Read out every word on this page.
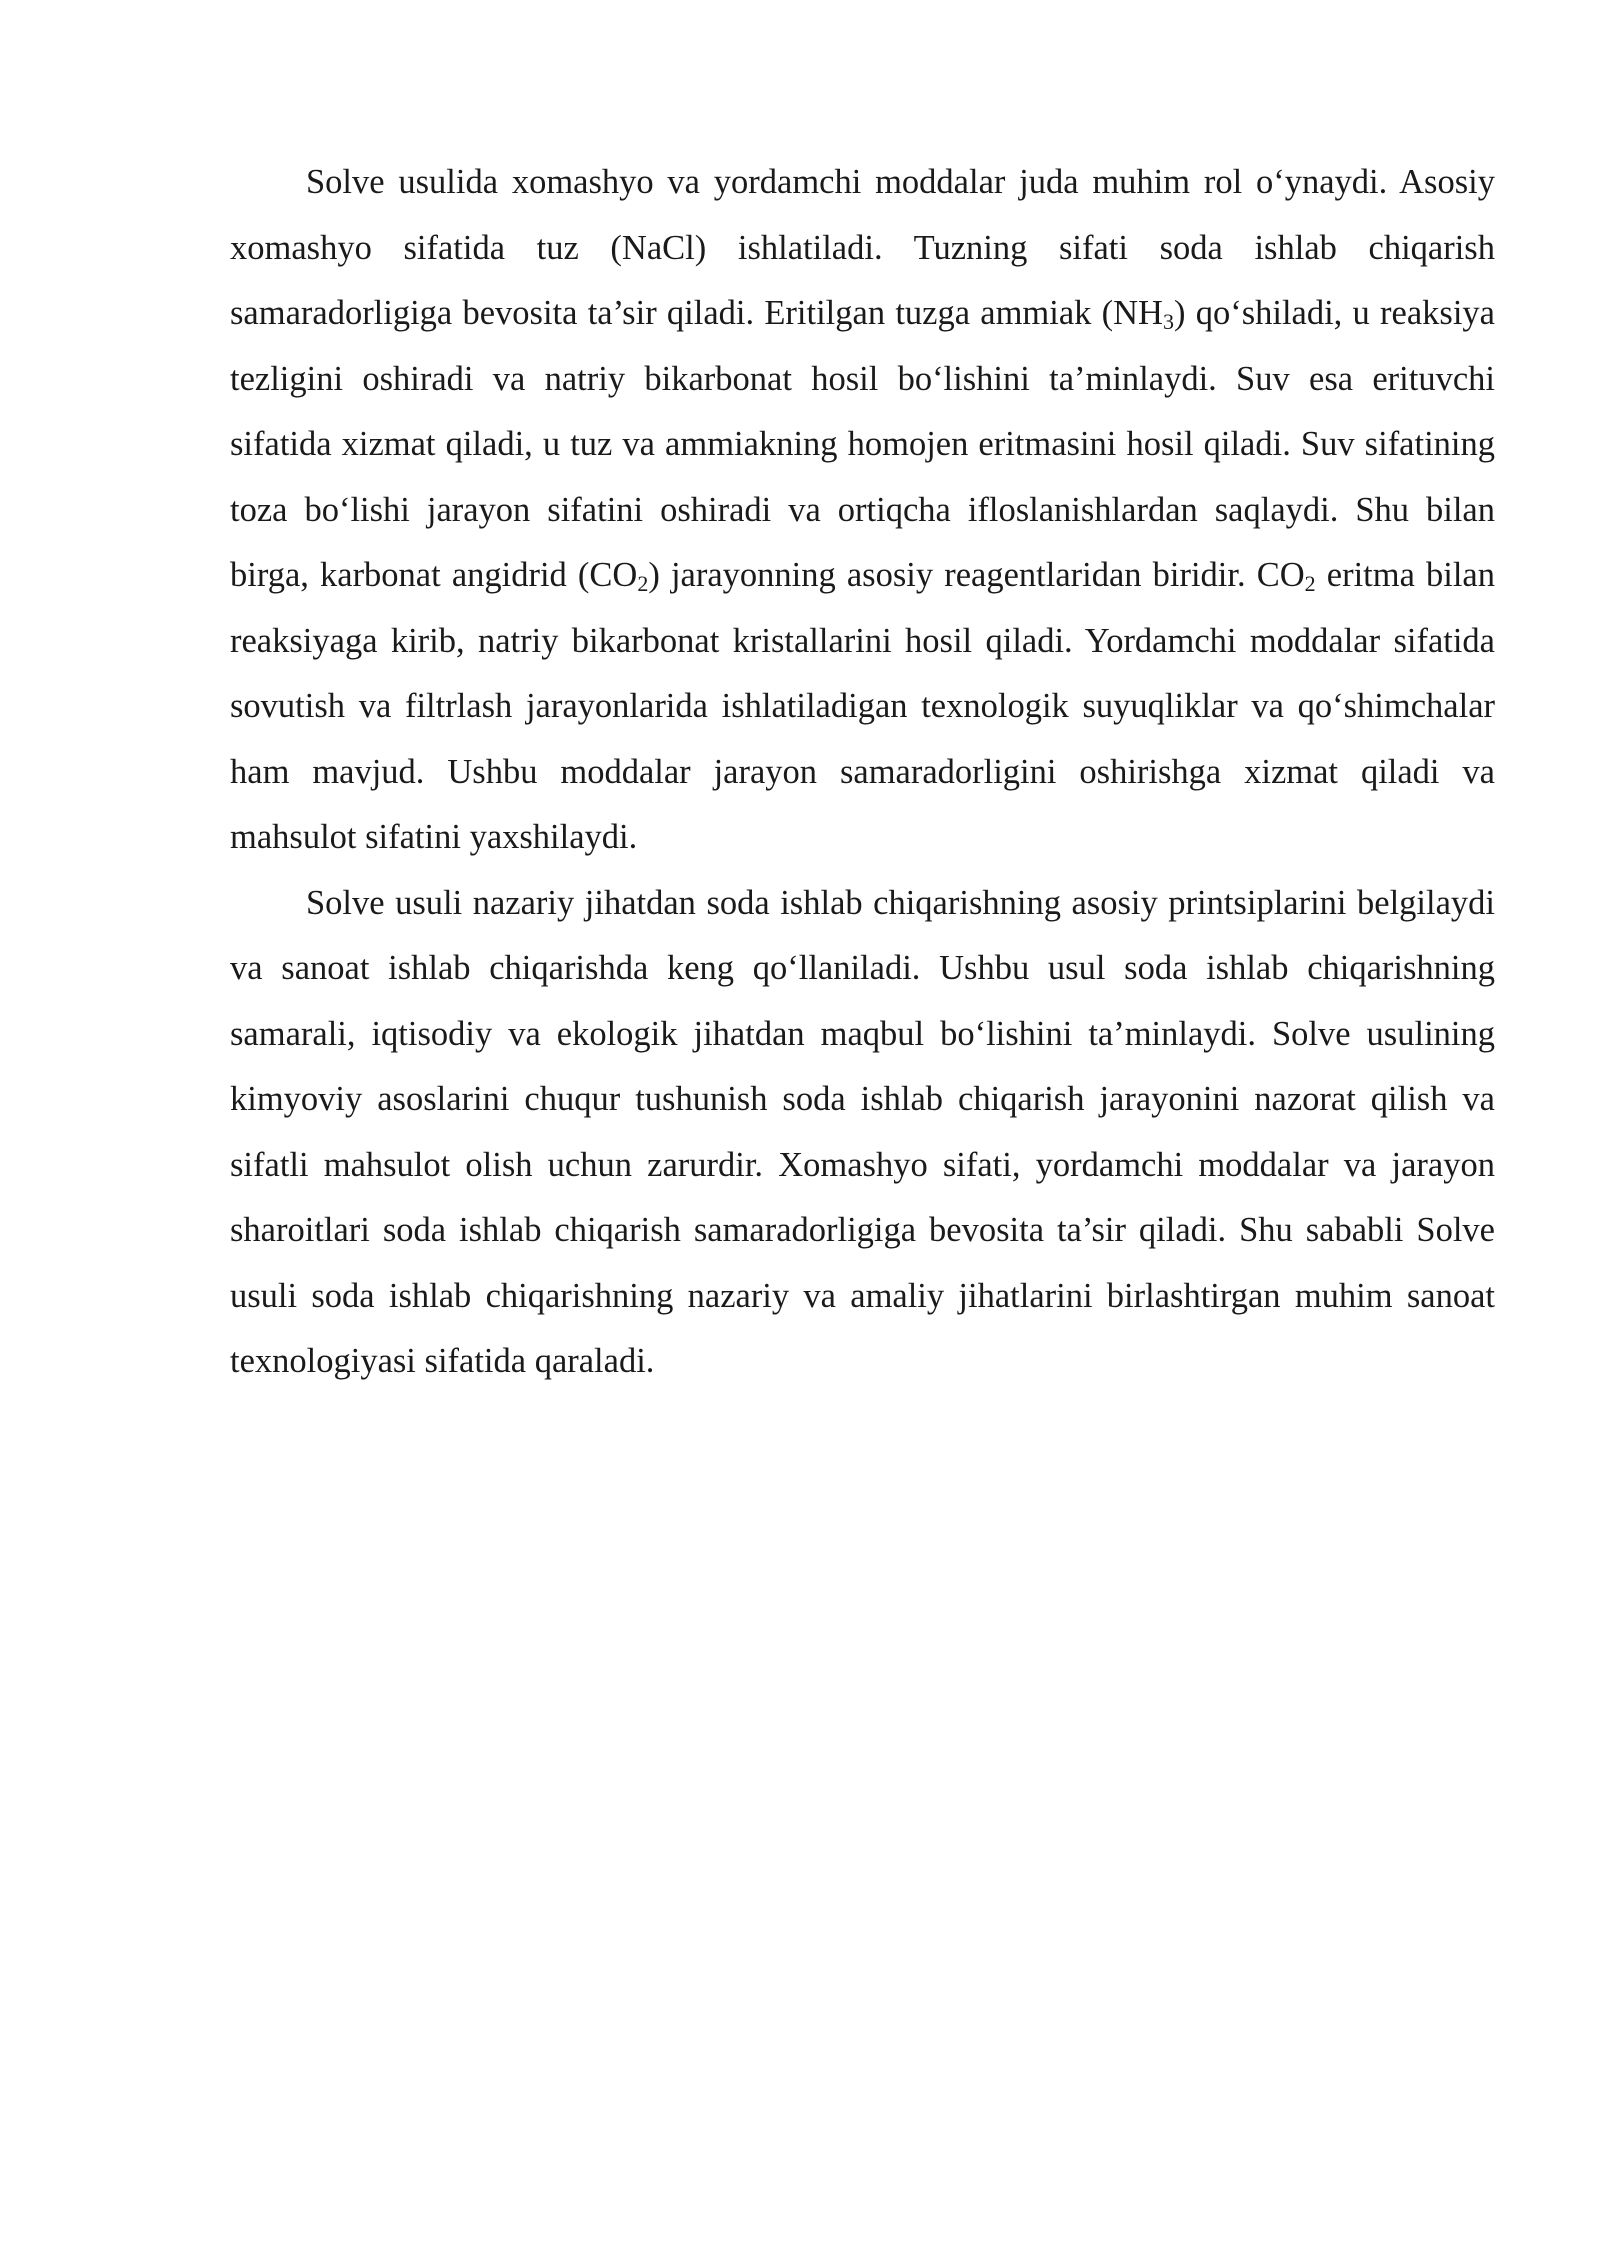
Solve usulida xomashyo va yordamchi moddalar juda muhim rol o‘ynaydi. Asosiy xomashyo sifatida tuz (NaCl) ishlatiladi. Tuzning sifati soda ishlab chiqarish samaradorligiga bevosita ta’sir qiladi. Eritilgan tuzga ammiak $(NH_3)$ qo‘shiladi, u reaksiya tezligini oshiradi va natriy bikarbonat hosil bo‘lishini ta’minlaydi. Suv esa erituvchi sifatida xizmat qiladi, u tuz va ammiakning homojen eritmasini hosil qiladi. Suv sifatining toza bo‘lishi jarayon sifatini oshiradi va ortiqcha ifloslanishlardan saqlaydi. Shu bilan birga, karbonat angidrid $(CO_2)$ jarayonning asosiy reagentlaridan biridir. $CO_2$ eritma bilan reaksiyaga kirib, natriy bikarbonat kristallarini hosil qiladi. Yordamchi moddalar sifatida sovutish va filtrlash jarayonlarida ishlatiladigan texnologik suyuqliklar va qo‘shimchalar ham mavjud. Ushbu moddalar jarayon samaradorligini oshirishga xizmat qiladi va mahsulot sifatini yaxshilaydi.

Solve usuli nazariy jihatdan soda ishlab chiqarishning asosiy printsiplarini belgilaydi va sanoat ishlab chiqarishda keng qo‘llaniladi. Ushbu usul soda ishlab chiqarishning samarali, iqtisodiy va ekologik jihatdan maqbul bo‘lishini ta’minlaydi. Solve usulining kimyoviy asoslarini chuqur tushunish soda ishlab chiqarish jarayonini nazorat qilish va sifatli mahsulot olish uchun zarurdir. Xomashyo sifati, yordamchi moddalar va jarayon sharoitlari soda ishlab chiqarish samaradorligiga bevosita ta’sir qiladi. Shu sababli Solve usuli soda ishlab chiqarishning nazariy va amaliy jihatlarini birlashtirgan muhim sanoat texnologiyasi sifatida qaraladi.
